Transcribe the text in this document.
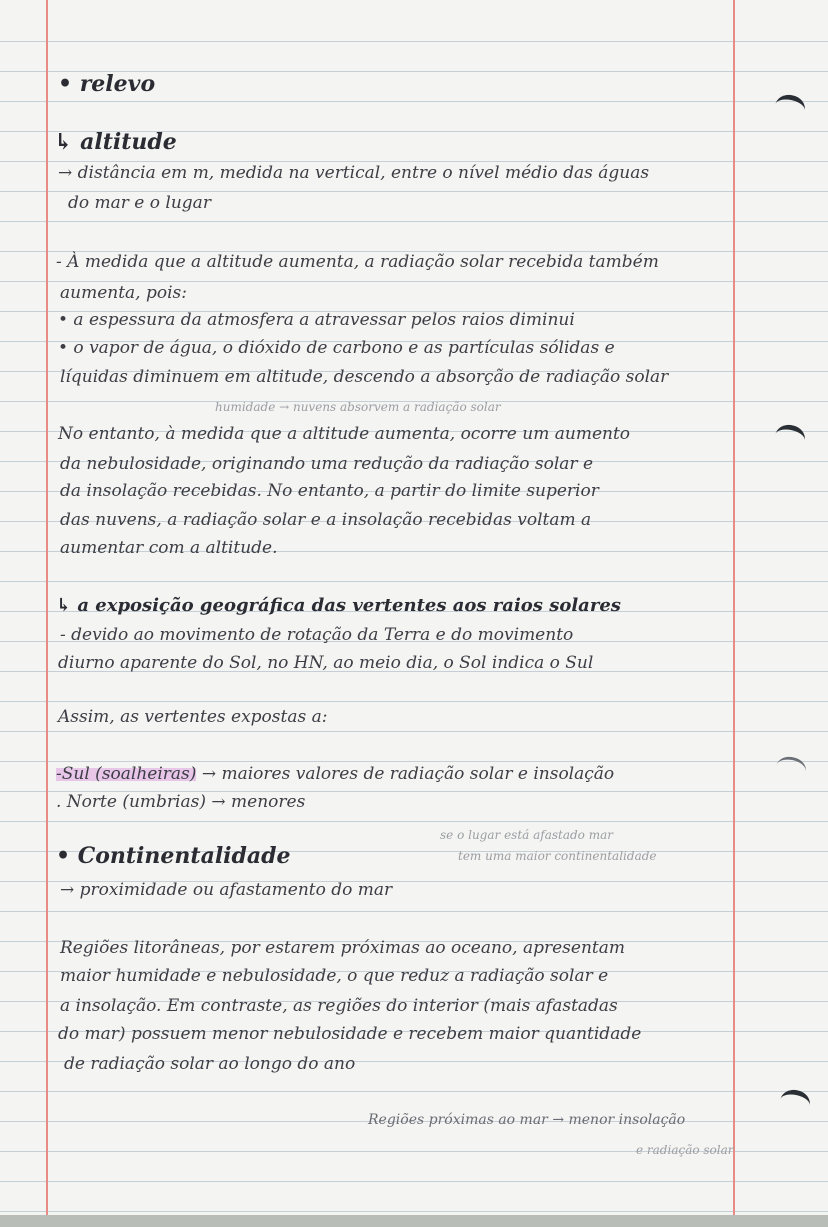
• relevo
↳ altitude
→ distância em m, medida na vertical, entre o nível médio das águas
do mar e o lugar
- À medida que a altitude aumenta, a radiação solar recebida também
aumenta, pois:
• a espessura da atmosfera a atravessar pelos raios diminui
• o vapor de água, o dióxido de carbono e as partículas sólidas e
líquidas diminuem em altitude, descendo a absorção de radiação solar
humidade → nuvens absorvem a radiação solar
No entanto, à medida que a altitude aumenta, ocorre um aumento
da nebulosidade, originando uma redução da radiação solar e
da insolação recebidas. No entanto, a partir do limite superior
das nuvens, a radiação solar e a insolação recebidas voltam a
aumentar com a altitude.
↳ a exposição geográfica das vertentes aos raios solares
- devido ao movimento de rotação da Terra e do movimento
diurno aparente do Sol, no HN, ao meio dia, o Sol indica o Sul
Assim, as vertentes expostas a:
-Sul (soalheiras) → maiores valores de radiação solar e insolação
. Norte (umbrias) → menores
se o lugar está afastado mar
tem uma maior continentalidade
• Continentalidade
→ proximidade ou afastamento do mar
Regiões litorâneas, por estarem próximas ao oceano, apresentam
maior humidade e nebulosidade, o que reduz a radiação solar e
a insolação. Em contraste, as regiões do interior (mais afastadas
do mar) possuem menor nebulosidade e recebem maior quantidade
de radiação solar ao longo do ano
Regiões próximas ao mar → menor insolação
e radiação solar
